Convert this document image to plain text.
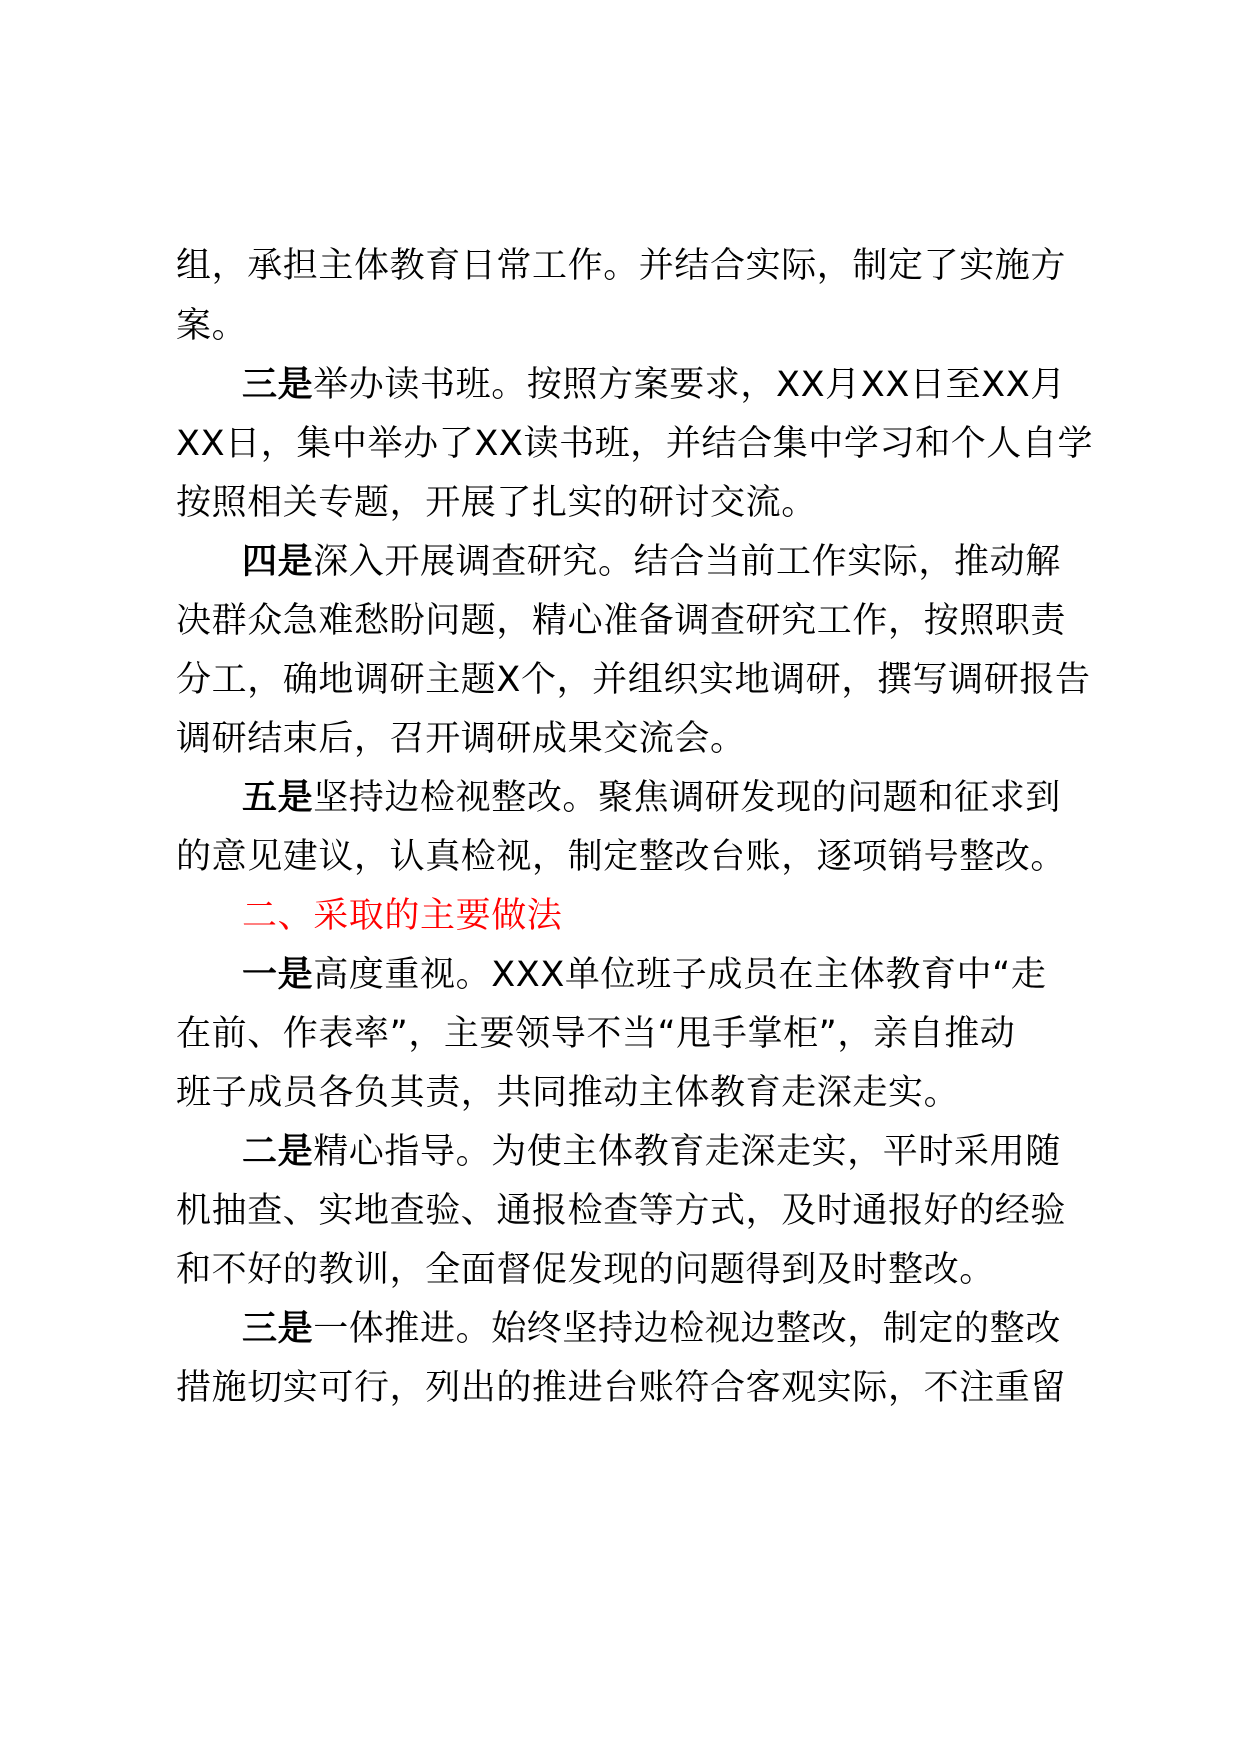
组，承担主体教育日常工作。并结合实际，制定了实施方
案。
三是举办读书班。按照方案要求，XX月XX日至XX月
XX日，集中举办了XX读书班，并结合集中学习和个人自学
按照相关专题，开展了扎实的研讨交流。
四是深入开展调查研究。结合当前工作实际，推动解
决群众急难愁盼问题，精心准备调查研究工作，按照职责
分工，确地调研主题X个，并组织实地调研，撰写调研报告
调研结束后，召开调研成果交流会。
五是坚持边检视整改。聚焦调研发现的问题和征求到
的意见建议，认真检视，制定整改台账，逐项销号整改。
二、采取的主要做法
一是高度重视。XXX单位班子成员在主体教育中“走
在前、作表率”，主要领导不当“甩手掌柜”，亲自推动
班子成员各负其责，共同推动主体教育走深走实。
二是精心指导。为使主体教育走深走实，平时采用随
机抽查、实地查验、通报检查等方式，及时通报好的经验
和不好的教训，全面督促发现的问题得到及时整改。
三是一体推进。始终坚持边检视边整改，制定的整改
措施切实可行，列出的推进台账符合客观实际，不注重留
